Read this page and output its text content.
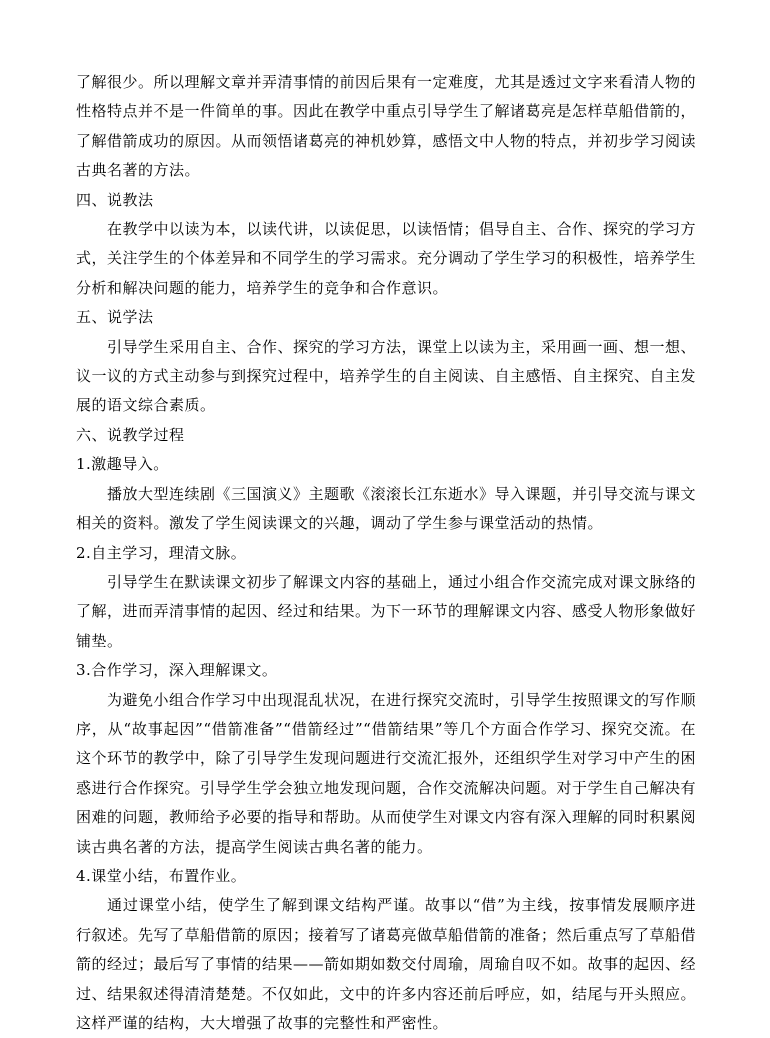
了解很少。所以理解文章并弄清事情的前因后果有一定难度，尤其是透过文字来看清人物的性格特点并不是一件简单的事。因此在教学中重点引导学生了解诸葛亮是怎样草船借箭的，了解借箭成功的原因。从而领悟诸葛亮的神机妙算，感悟文中人物的特点，并初步学习阅读古典名著的方法。

四、说教法

在教学中以读为本，以读代讲，以读促思，以读悟情；倡导自主、合作、探究的学习方式，关注学生的个体差异和不同学生的学习需求。充分调动了学生学习的积极性，培养学生分析和解决问题的能力，培养学生的竞争和合作意识。

五、说学法

引导学生采用自主、合作、探究的学习方法，课堂上以读为主，采用画一画、想一想、议一议的方式主动参与到探究过程中，培养学生的自主阅读、自主感悟、自主探究、自主发展的语文综合素质。

六、说教学过程

1.激趣导入。

播放大型连续剧《三国演义》主题歌《滚滚长江东逝水》导入课题，并引导交流与课文相关的资料。激发了学生阅读课文的兴趣，调动了学生参与课堂活动的热情。

2.自主学习，理清文脉。

引导学生在默读课文初步了解课文内容的基础上，通过小组合作交流完成对课文脉络的了解，进而弄清事情的起因、经过和结果。为下一环节的理解课文内容、感受人物形象做好铺垫。

3.合作学习，深入理解课文。

为避免小组合作学习中出现混乱状况，在进行探究交流时，引导学生按照课文的写作顺序，从“故事起因”“借箭准备”“借箭经过”“借箭结果”等几个方面合作学习、探究交流。在这个环节的教学中，除了引导学生发现问题进行交流汇报外，还组织学生对学习中产生的困惑进行合作探究。引导学生学会独立地发现问题，合作交流解决问题。对于学生自己解决有困难的问题，教师给予必要的指导和帮助。从而使学生对课文内容有深入理解的同时积累阅读古典名著的方法，提高学生阅读古典名著的能力。

4.课堂小结，布置作业。

通过课堂小结，使学生了解到课文结构严谨。故事以“借”为主线，按事情发展顺序进行叙述。先写了草船借箭的原因；接着写了诸葛亮做草船借箭的准备；然后重点写了草船借箭的经过；最后写了事情的结果——箭如期如数交付周瑜，周瑜自叹不如。故事的起因、经过、结果叙述得清清楚楚。不仅如此，文中的许多内容还前后呼应，如，结尾与开头照应。这样严谨的结构，大大增强了故事的完整性和严密性。
